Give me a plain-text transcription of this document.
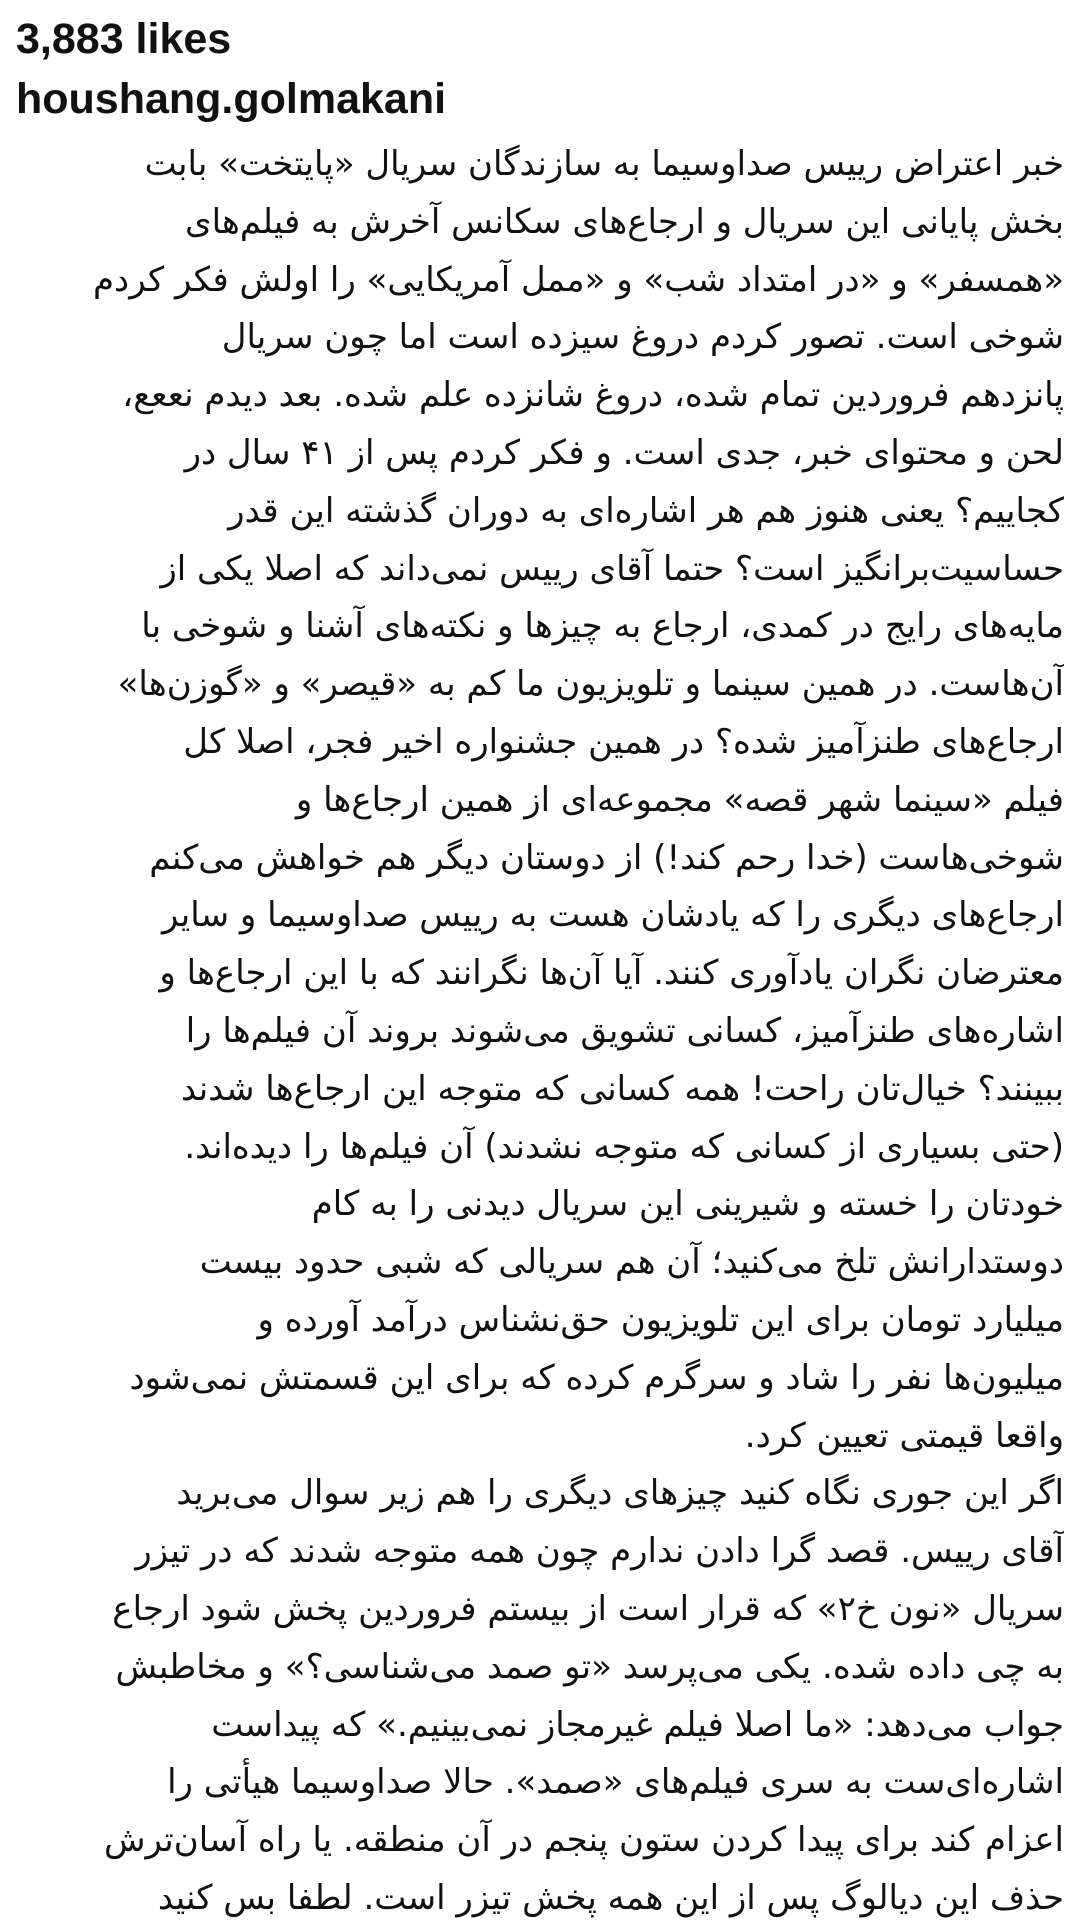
3,883 likes
houshang.golmakani
خبر اعتراض رییس صداوسیما به سازندگان سریال «پایتخت» بابت
بخش پایانی این سریال و ارجاع‌های سکانس آخرش به فیلم‌های
«همسفر» و «در امتداد شب» و «ممل آمریکایی» را اولش فکر کردم
شوخی است. تصور کردم دروغ سیزده است اما چون سریال
پانزدهم فروردین تمام شده، دروغ شانزده علم شده. بعد دیدم نععع،
لحن و محتوای خبر، جدی است. و فکر کردم پس از ۴۱ سال در
کجاییم؟ یعنی هنوز هم هر اشاره‌ای به دوران گذشته این قدر
حساسیت‌برانگیز است؟ حتما آقای رییس نمی‌داند که اصلا یکی از
مایه‌های رایج در کمدی، ارجاع به چیزها و نکته‌های آشنا و شوخی با
آن‌هاست. در همین سینما و تلویزیون ما کم به «قیصر» و «گوزن‌ها»
ارجاع‌های طنزآمیز شده؟ در همین جشنواره اخیر فجر، اصلا کل
فیلم «سینما شهر قصه» مجموعه‌ای از همین ارجاع‌ها و
شوخی‌هاست (خدا رحم کند!) از دوستان دیگر هم خواهش می‌کنم
ارجاع‌های دیگری را که یادشان هست به رییس صداوسیما و سایر
معترضان نگران یادآوری کنند. آیا آن‌ها نگرانند که با این ارجاع‌ها و
اشاره‌های طنزآمیز، کسانی تشویق می‌شوند بروند آن فیلم‌ها را
ببینند؟ خیال‌تان راحت! همه کسانی که متوجه این ارجاع‌ها شدند
(حتی بسیاری از کسانی که متوجه نشدند) آن فیلم‌ها را دیده‌اند.
خودتان را خسته و شیرینی این سریال دیدنی را به کام
دوستدارانش تلخ می‌کنید؛ آن هم سریالی که شبی حدود بیست
میلیارد تومان برای این تلویزیون حق‌نشناس درآمد آورده و
میلیون‌ها نفر را شاد و سرگرم کرده که برای این قسمتش نمی‌شود
واقعا قیمتی تعیین کرد.
اگر این جوری نگاه کنید چیزهای دیگری را هم زیر سوال می‌برید
آقای رییس. قصد گرا دادن ندارم چون همه متوجه شدند که در تیزر
سریال «نون خ۲» که قرار است از بیستم فروردین پخش شود ارجاع
به چی داده شده. یکی می‌پرسد «تو صمد می‌شناسی؟» و مخاطبش
جواب می‌دهد: «ما اصلا فیلم غیرمجاز نمی‌بینیم.» که پیداست
اشاره‌ای‌ست به سری فیلم‌های «صمد». حالا صداوسیما هیأتی را
اعزام کند برای پیدا کردن ستون پنجم در آن منطقه. یا راه آسان‌ترش
حذف این دیالوگ پس از این همه پخش تیزر است. لطفا بس کنید
